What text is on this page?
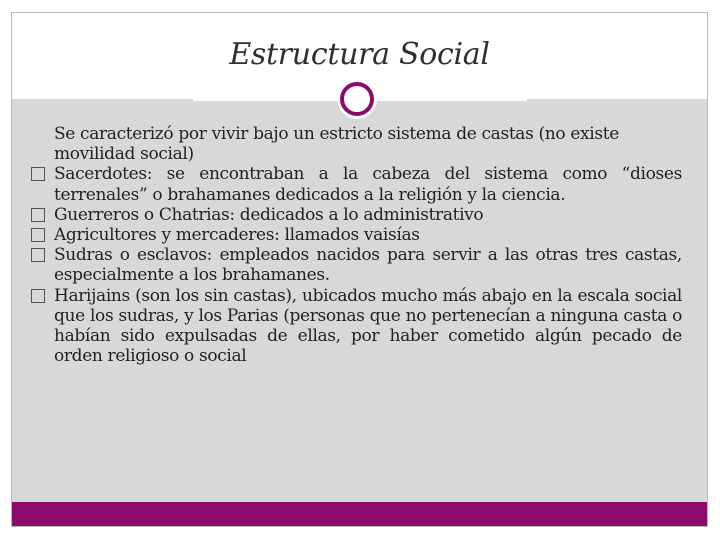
Estructura Social

Se caracterizó por vivir bajo un estricto sistema de castas (no existe movilidad social)

Sacerdotes: se encontraban a la cabeza del sistema como “dioses terrenales” o brahamanes dedicados a la religión y la ciencia.
Guerreros o Chatrias: dedicados a lo administrativo
Agricultores y mercaderes: llamados vaisías
Sudras o esclavos: empleados nacidos para servir a las otras tres castas, especialmente a los brahamanes.
Harijains (son los sin castas), ubicados mucho más abajo en la escala social que los sudras, y los Parias (personas que no pertenecían a ninguna casta o habían sido expulsadas de ellas, por haber cometido algún pecado de orden religioso o social
